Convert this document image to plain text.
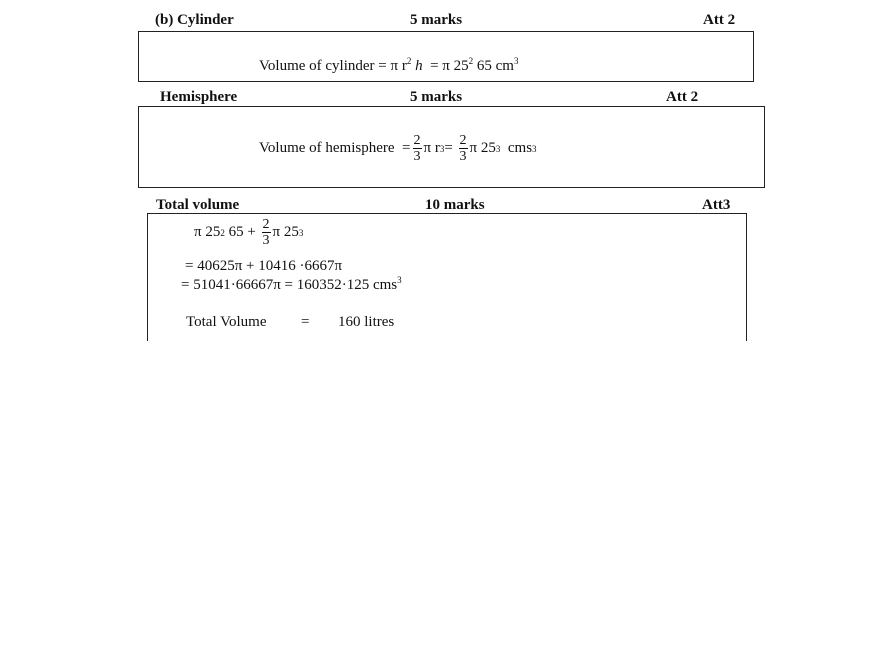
(b) Cylinder	5 marks	Att 2
Volume of cylinder = π $r^2$ h = π $25^2$ 65 $cm^3$
Hemisphere	5 marks	Att 2
Volume of hemisphere
= $\frac{2}{3}$ π r 3 =
$\frac{2}{3}$ π 25 3
cms 3
Total volume	10 marks	Att3
π 25 2
65 +
$\frac{2}{3}$ π 25 3
= 40625π + 10416 ·6667π
= 51041·66667π = 160352·125 cms$^3$
Total Volume = 160 litres
